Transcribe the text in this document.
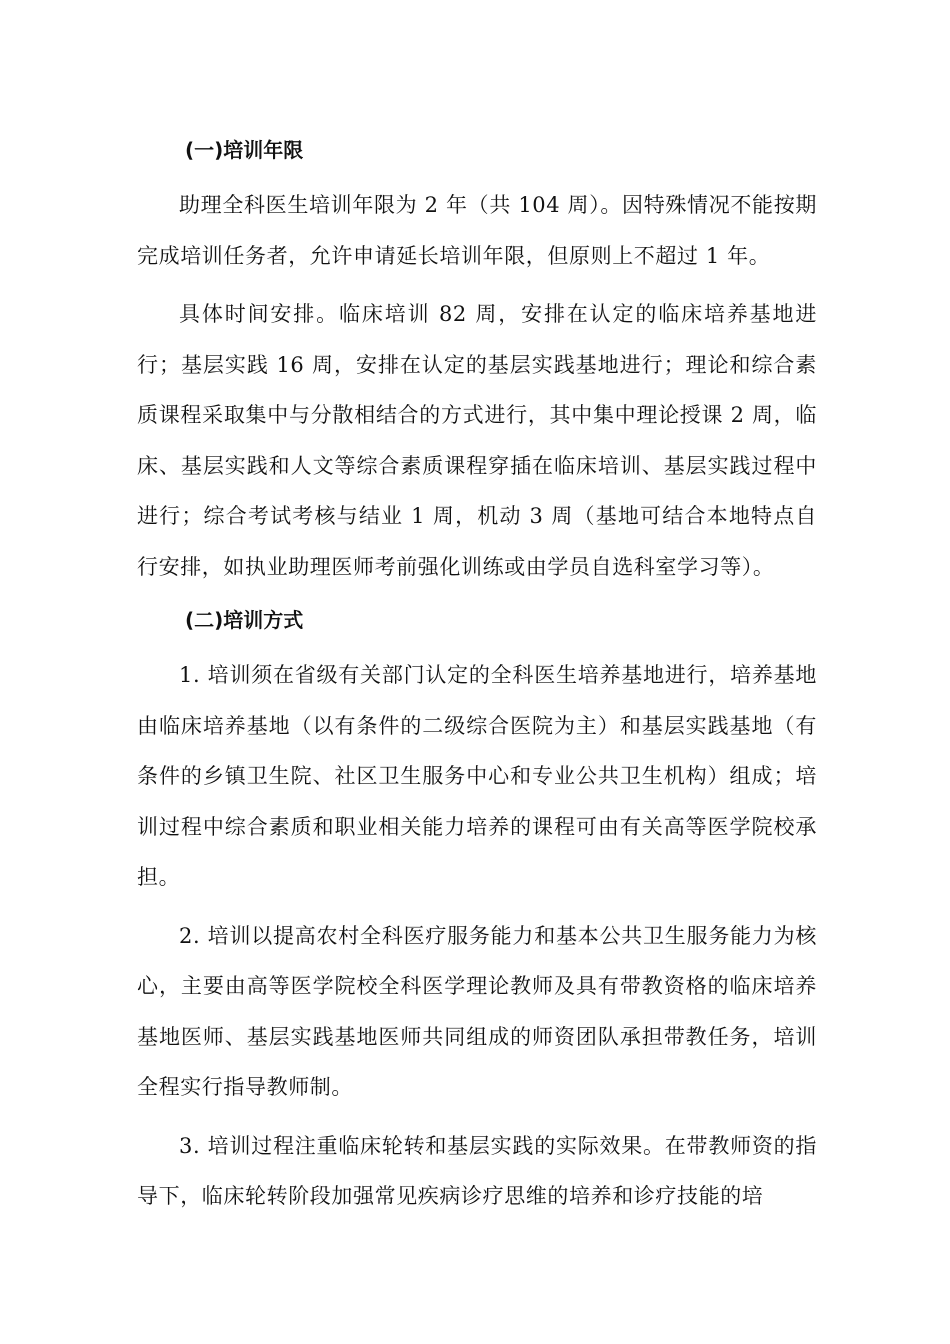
(一)培训年限

助理全科医生培训年限为 2 年（共 104 周）。因特殊情况不能按期完成培训任务者，允许申请延长培训年限，但原则上不超过 1 年。

具体时间安排。临床培训 82 周，安排在认定的临床培养基地进行；基层实践 16 周，安排在认定的基层实践基地进行；理论和综合素质课程采取集中与分散相结合的方式进行，其中集中理论授课 2 周，临床、基层实践和人文等综合素质课程穿插在临床培训、基层实践过程中进行；综合考试考核与结业 1 周，机动 3 周（基地可结合本地特点自行安排，如执业助理医师考前强化训练或由学员自选科室学习等）。

(二)培训方式

1. 培训须在省级有关部门认定的全科医生培养基地进行，培养基地由临床培养基地（以有条件的二级综合医院为主）和基层实践基地（有条件的乡镇卫生院、社区卫生服务中心和专业公共卫生机构）组成；培训过程中综合素质和职业相关能力培养的课程可由有关高等医学院校承担。

2. 培训以提高农村全科医疗服务能力和基本公共卫生服务能力为核心，主要由高等医学院校全科医学理论教师及具有带教资格的临床培养基地医师、基层实践基地医师共同组成的师资团队承担带教任务，培训全程实行指导教师制。

3. 培训过程注重临床轮转和基层实践的实际效果。在带教师资的指导下，临床轮转阶段加强常见疾病诊疗思维的培养和诊疗技能的培
